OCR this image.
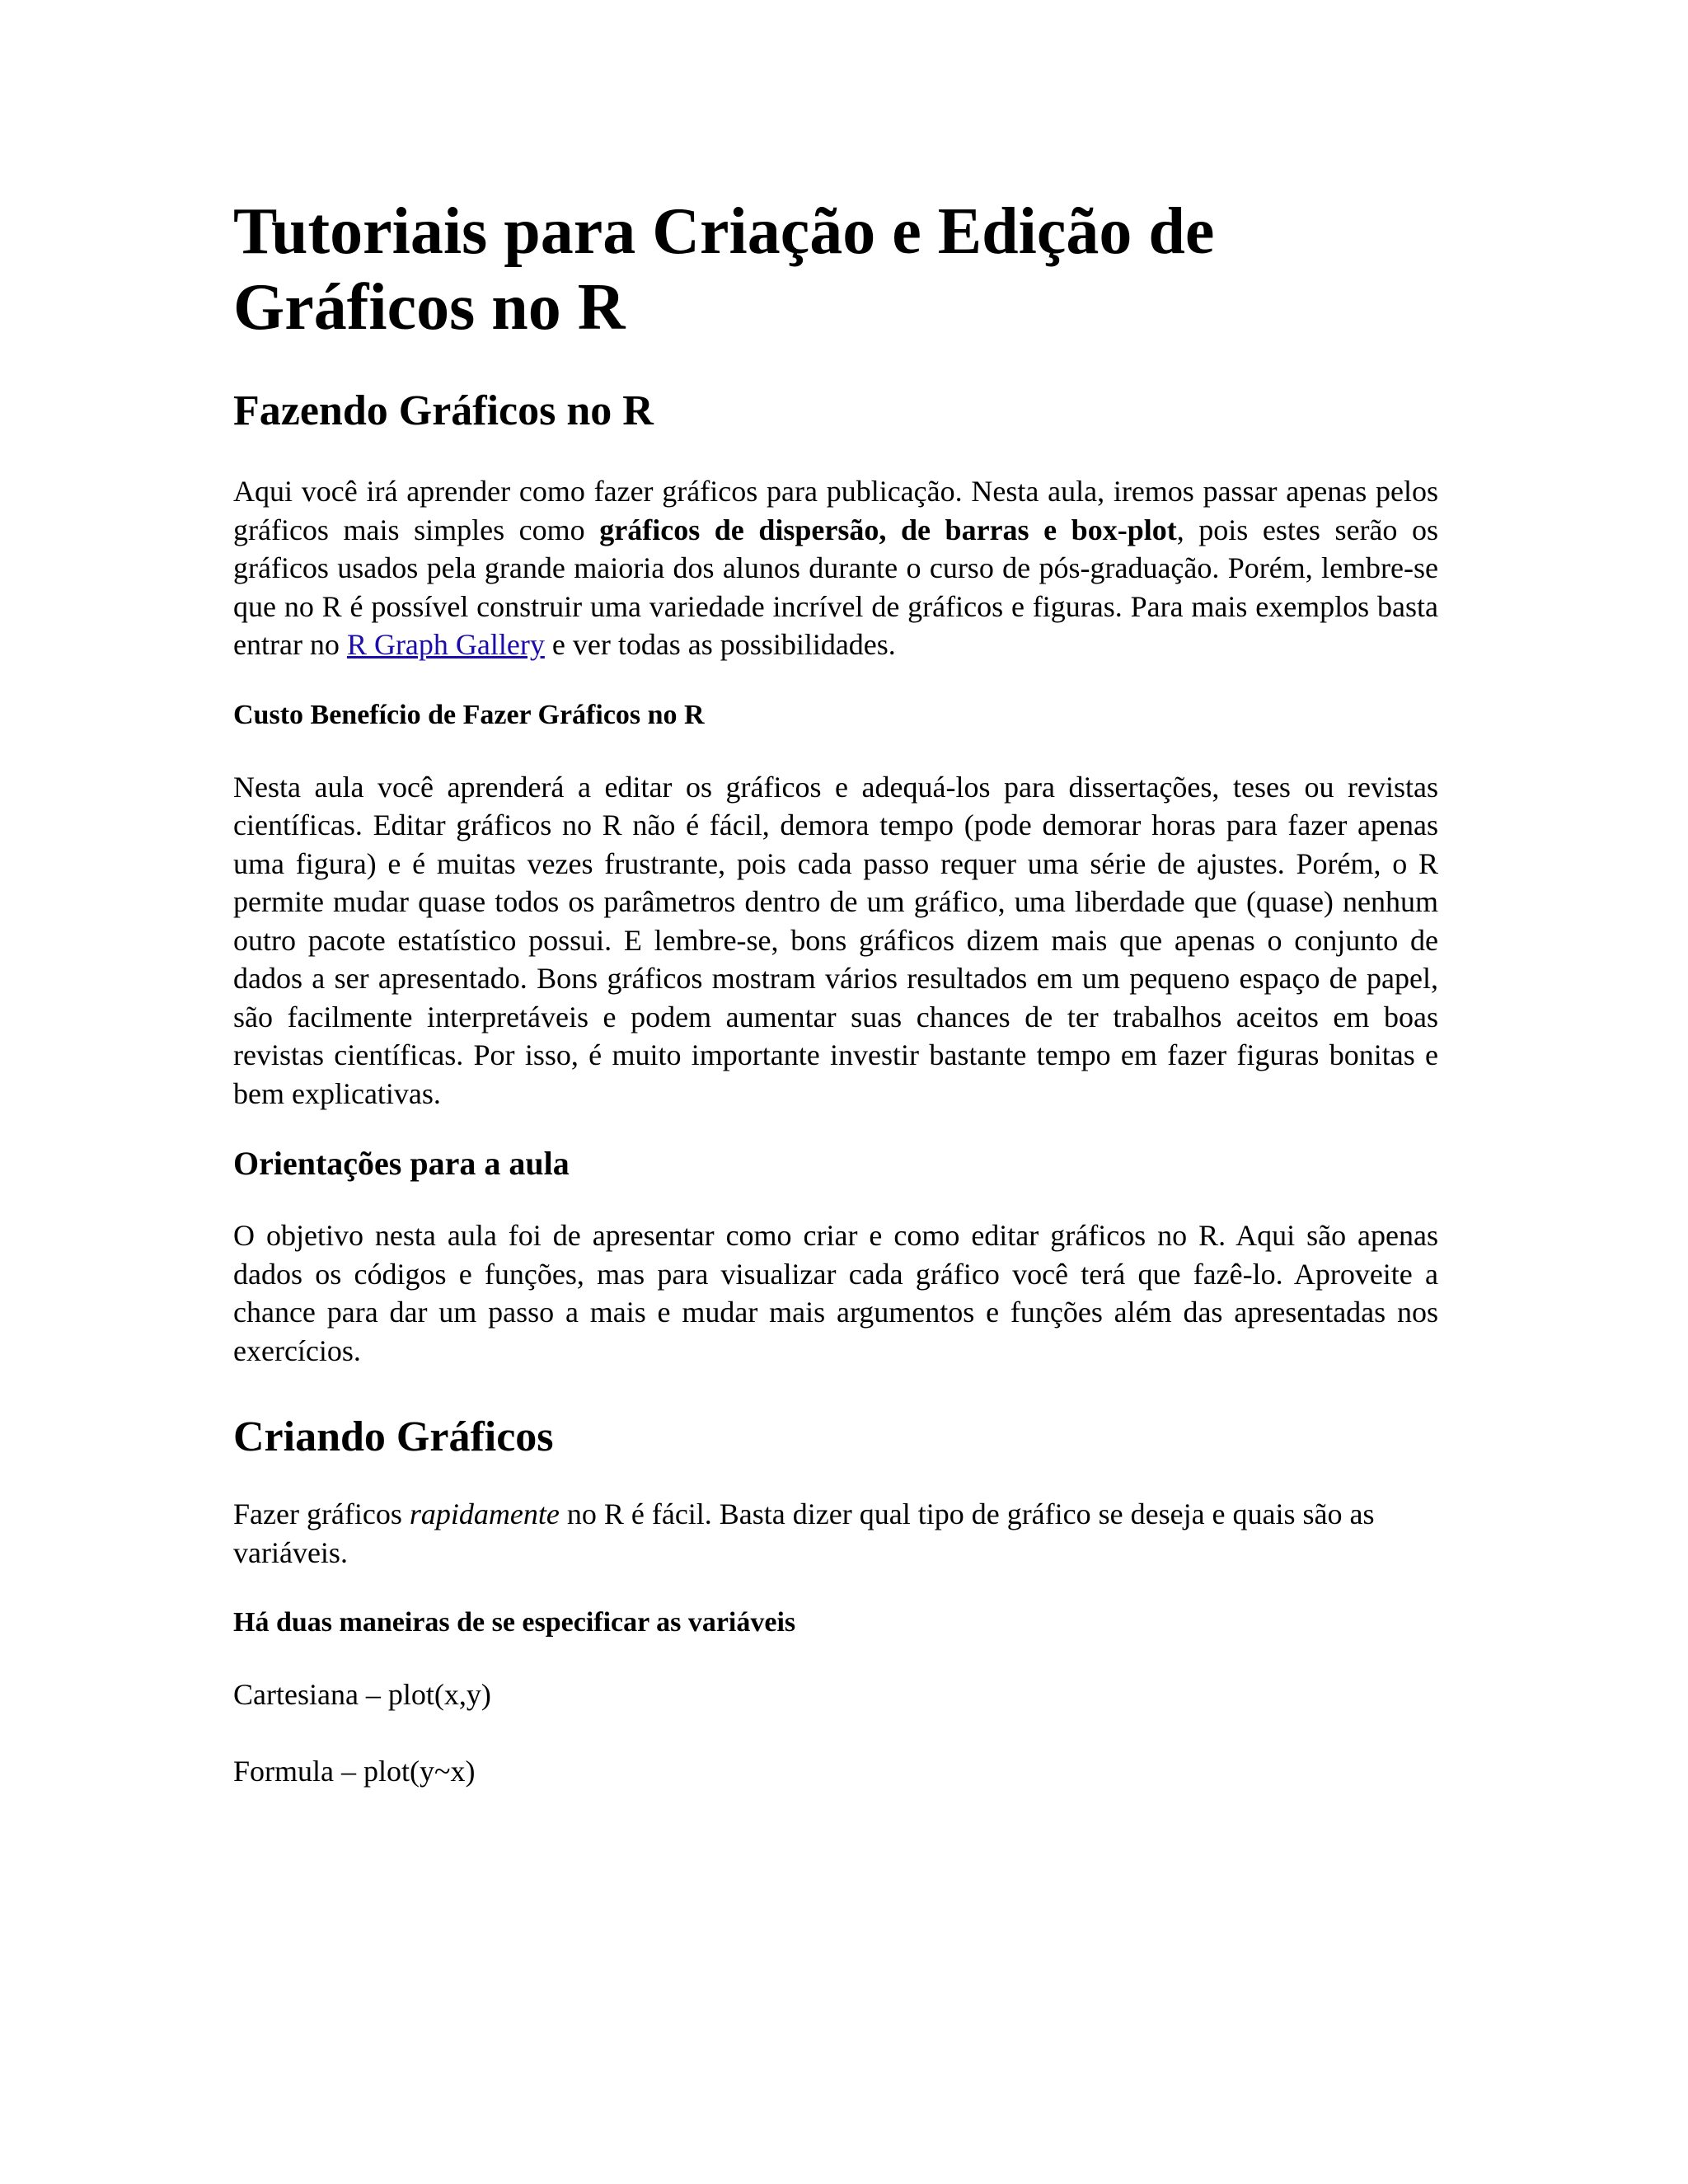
Tutoriais para Criação e Edição de
Gráficos no R
Fazendo Gráficos no R

Aqui você irá aprender como fazer gráficos para publicação. Nesta aula, iremos passar apenas pelos gráficos mais simples como gráficos de dispersão, de barras e box-plot, pois estes serão os gráficos usados pela grande maioria dos alunos durante o curso de pós-graduação. Porém, lembre-se que no R é possível construir uma variedade incrível de gráficos e figuras. Para mais exemplos basta entrar no R Graph Gallery e ver todas as possibilidades.

Custo Benefício de Fazer Gráficos no R

Nesta aula você aprenderá a editar os gráficos e adequá-los para dissertações, teses ou revistas científicas. Editar gráficos no R não é fácil, demora tempo (pode demorar horas para fazer apenas uma figura) e é muitas vezes frustrante, pois cada passo requer uma série de ajustes. Porém, o R permite mudar quase todos os parâmetros dentro de um gráfico, uma liberdade que (quase) nenhum outro pacote estatístico possui. E lembre-se, bons gráficos dizem mais que apenas o conjunto de dados a ser apresentado. Bons gráficos mostram vários resultados em um pequeno espaço de papel, são facilmente interpretáveis e podem aumentar suas chances de ter trabalhos aceitos em boas revistas científicas. Por isso, é muito importante investir bastante tempo em fazer figuras bonitas e bem explicativas.

Orientações para a aula

O objetivo nesta aula foi de apresentar como criar e como editar gráficos no R. Aqui são apenas dados os códigos e funções, mas para visualizar cada gráfico você terá que fazê-lo. Aproveite a chance para dar um passo a mais e mudar mais argumentos e funções além das apresentadas nos exercícios.

Criando Gráficos

Fazer gráficos rapidamente no R é fácil. Basta dizer qual tipo de gráfico se deseja e quais são as variáveis.

Há duas maneiras de se especificar as variáveis

Cartesiana – plot(x,y)

Formula – plot(y~x)
